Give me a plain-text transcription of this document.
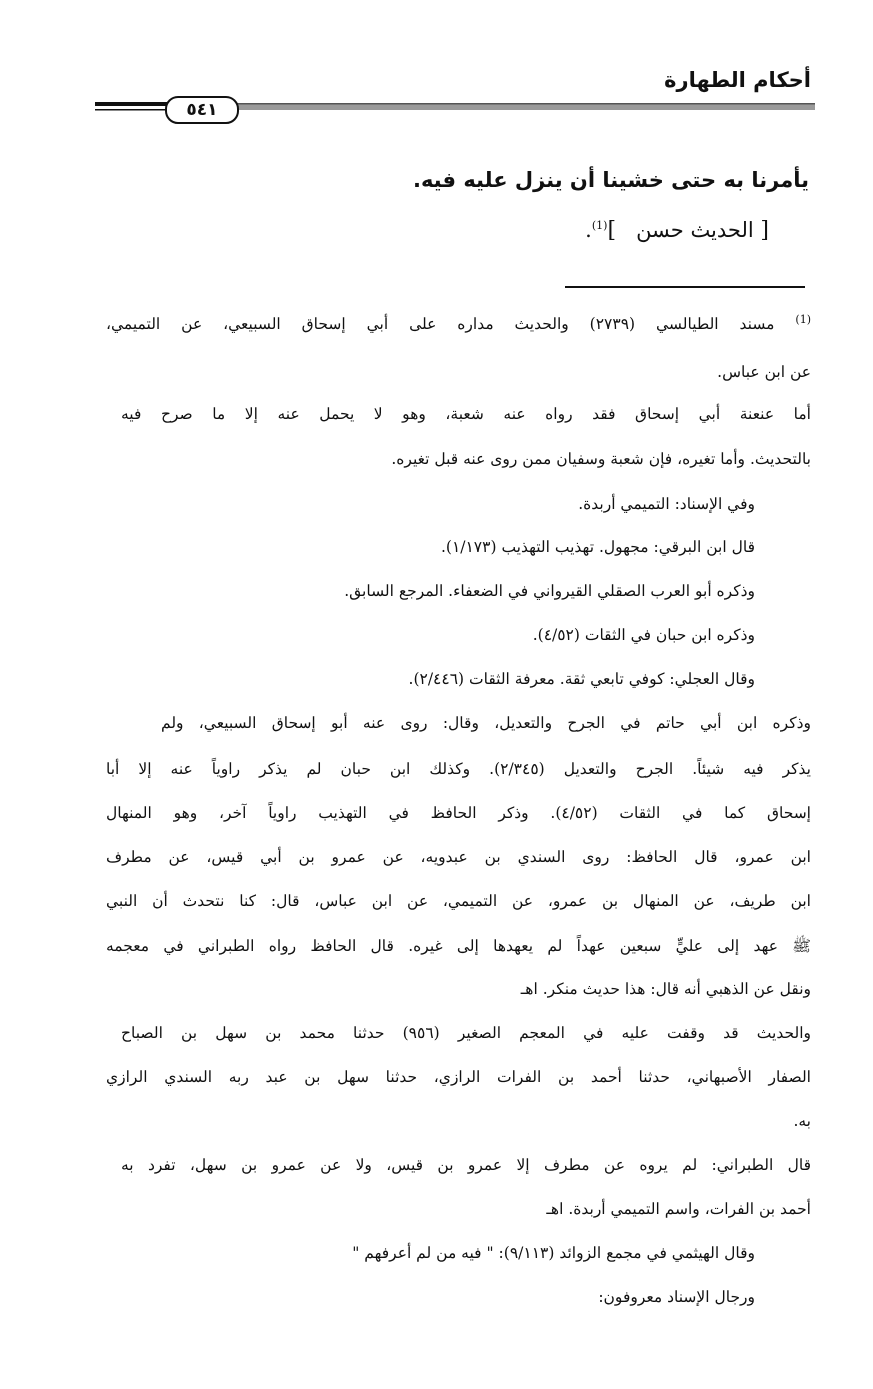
أحكام الطهارة
٥٤١
يأمرنا به حتى خشينا أن ينزل عليه فيه.
[ الحديث حسن   ]$^{(1)}$.
$^{(1)}$ مسند الطيالسي (٢٧٣٩) والحديث مداره على أبي إسحاق السبيعي، عن التميمي،
عن ابن عباس.
أما عنعنة أبي إسحاق فقد رواه عنه شعبة، وهو لا يحمل عنه إلا ما صرح فيه
بالتحديث. وأما تغيره، فإن شعبة وسفيان ممن روى عنه قبل تغيره.
وفي الإسناد: التميمي أربدة.
قال ابن البرقي: مجهول. تهذيب التهذيب (١/١٧٣).
وذكره أبو العرب الصقلي القيرواني في الضعفاء. المرجع السابق.
وذكره ابن حبان في الثقات (٤/٥٢).
وقال العجلي: كوفي تابعي ثقة. معرفة الثقات (٢/٤٤٦).
وذكره ابن أبي حاتم في الجرح والتعديل، وقال: روى عنه أبو إسحاق السبيعي، ولم
يذكر فيه شيئاً. الجرح والتعديل (٢/٣٤٥). وكذلك ابن حبان لم يذكر راوياً عنه إلا أبا
إسحاق كما في الثقات (٤/٥٢). وذكر الحافظ في التهذيب راوياً آخر، وهو المنهال
ابن عمرو، قال الحافظ: روى السندي بن عبدويه، عن عمرو بن أبي قيس، عن مطرف
ابن طريف، عن المنهال بن عمرو، عن التميمي، عن ابن عباس، قال: كنا نتحدث أن النبي
ﷺ عهد إلى عليٍّ سبعين عهداً لم يعهدها إلى غيره. قال الحافظ رواه الطبراني في معجمه
ونقل عن الذهبي أنه قال: هذا حديث منكر. اهـ
والحديث قد وقفت عليه في المعجم الصغير (٩٥٦) حدثنا محمد بن سهل بن الصباح
الصفار الأصبهاني، حدثنا أحمد بن الفرات الرازي، حدثنا سهل بن عبد ربه السندي الرازي
به.
قال الطبراني: لم يروه عن مطرف إلا عمرو بن قيس، ولا عن عمرو بن سهل، تفرد به
أحمد بن الفرات، واسم التميمي أربدة. اهـ
وقال الهيثمي في مجمع الزوائد (٩/١١٣): " فيه من لم أعرفهم "
ورجال الإسناد معروفون:
